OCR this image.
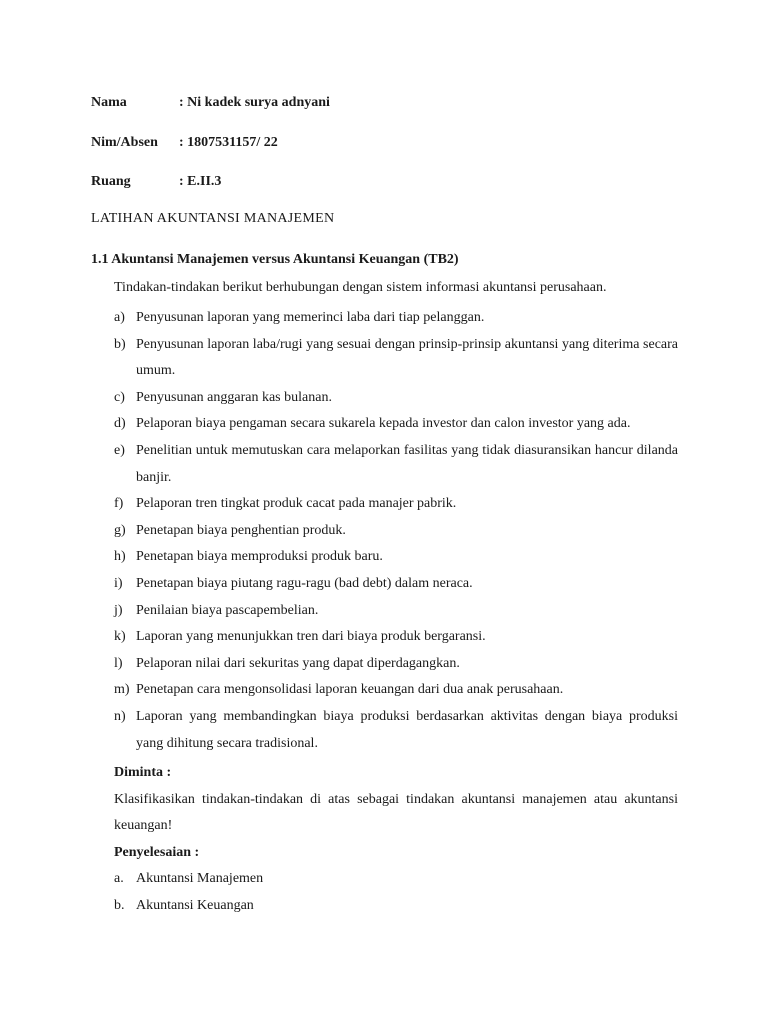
Nama	: Ni kadek surya adnyani
Nim/Absen : 1807531157/ 22
Ruang	: E.II.3
LATIHAN AKUNTANSI MANAJEMEN
1.1 Akuntansi Manajemen versus Akuntansi Keuangan (TB2)
Tindakan-tindakan berikut berhubungan dengan sistem informasi akuntansi perusahaan.
a) Penyusunan laporan yang memerinci laba dari tiap pelanggan.
b) Penyusunan laporan laba/rugi yang sesuai dengan prinsip-prinsip akuntansi yang diterima secara umum.
c) Penyusunan anggaran kas bulanan.
d) Pelaporan biaya pengaman secara sukarela kepada investor dan calon investor yang ada.
e) Penelitian untuk memutuskan cara melaporkan fasilitas yang tidak diasuransikan hancur dilanda banjir.
f) Pelaporan tren tingkat produk cacat pada manajer pabrik.
g) Penetapan biaya penghentian produk.
h) Penetapan biaya memproduksi produk baru.
i) Penetapan biaya piutang ragu-ragu (bad debt) dalam neraca.
j) Penilaian biaya pascapembelian.
k) Laporan yang menunjukkan tren dari biaya produk bergaransi.
l) Pelaporan nilai dari sekuritas yang dapat diperdagangkan.
m) Penetapan cara mengonsolidasi laporan keuangan dari dua anak perusahaan.
n) Laporan yang membandingkan biaya produksi berdasarkan aktivitas dengan biaya produksi yang dihitung secara tradisional.
Diminta :
Klasifikasikan tindakan-tindakan di atas sebagai tindakan akuntansi manajemen atau akuntansi keuangan!
Penyelesaian :
a. Akuntansi Manajemen
b. Akuntansi Keuangan
